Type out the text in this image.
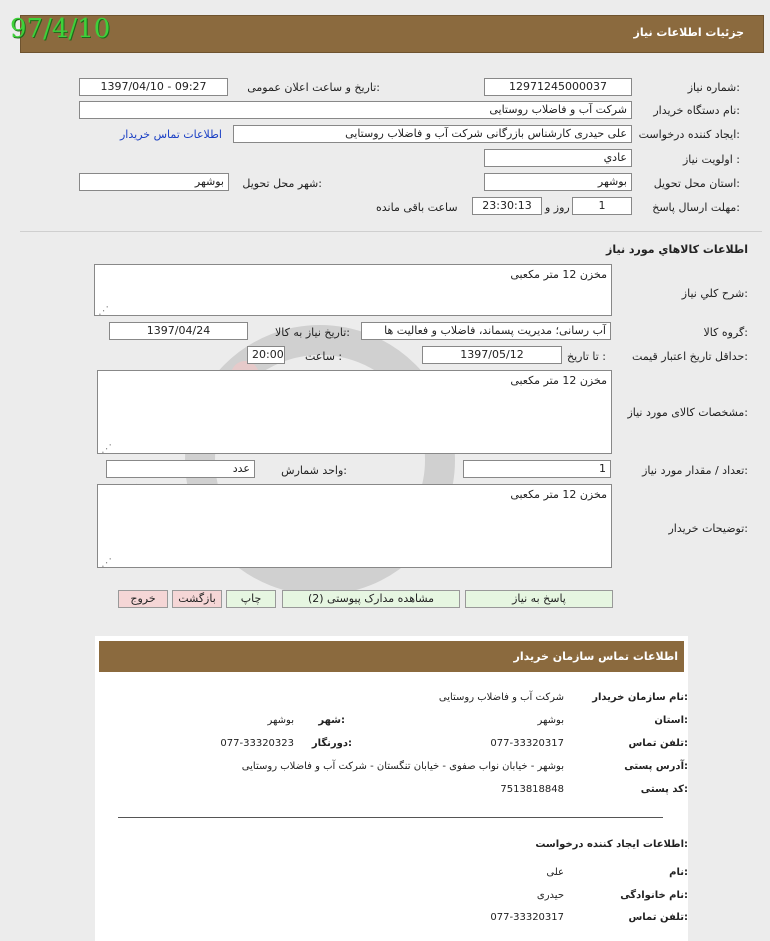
جزئیات اطلاعات نیاز
97/4/10
شماره نیاز:
12971245000037
تاریخ و ساعت اعلان عمومی:
1397/04/10 - 09:27
نام دستگاه خریدار:
شرکت آب و فاضلاب روستایی
ایجاد کننده درخواست:
علی حیدری کارشناس بازرگانی شرکت آب و فاضلاب روستایی
اطلاعات تماس خریدار
اولویت نیاز :
عادي
استان محل تحویل:
بوشهر
شهر محل تحویل:
بوشهر
مهلت ارسال پاسخ:
1
روز و
23:30:13
ساعت باقی مانده
اطلاعات کالاهاي مورد نياز
شرح کلي نياز:
مخزن 12 متر مکعبی
⋰
گروه کالا:
آب رسانی؛ مدیریت پسماند، فاضلاب و فعالیت ها
تاریخ نیاز به کالا:
1397/04/24
حداقل تاریخ اعتبار قیمت:
تا تاریخ :
1397/05/12
ساعت :
20:00
مشخصات کالای مورد نیاز:
مخزن 12 متر مکعبی
⋰
تعداد / مقدار مورد نیاز:
1
واحد شمارش:
عدد
توضیحات خریدار:
مخزن 12 متر مکعبی
⋰
پاسخ به نیاز
مشاهده مدارک پیوستی (2)
چاپ
بازگشت
خروج
اطلاعات تماس سازمان خریدار
نام سازمان خریدار:
شرکت آب و فاضلاب روستایی
استان:
بوشهر
شهر:
بوشهر
تلفن تماس:
077-33320317
دورنگار:
077-33320323
آدرس پستی:
بوشهر - خیابان نواب صفوی - خیابان تنگستان - شرکت آب و فاضلاب روستایی
کد پستی:
7513818848
اطلاعات ایجاد کننده درخواست:
نام:
علی
نام خانوادگی:
حیدری
تلفن تماس:
077-33320317
